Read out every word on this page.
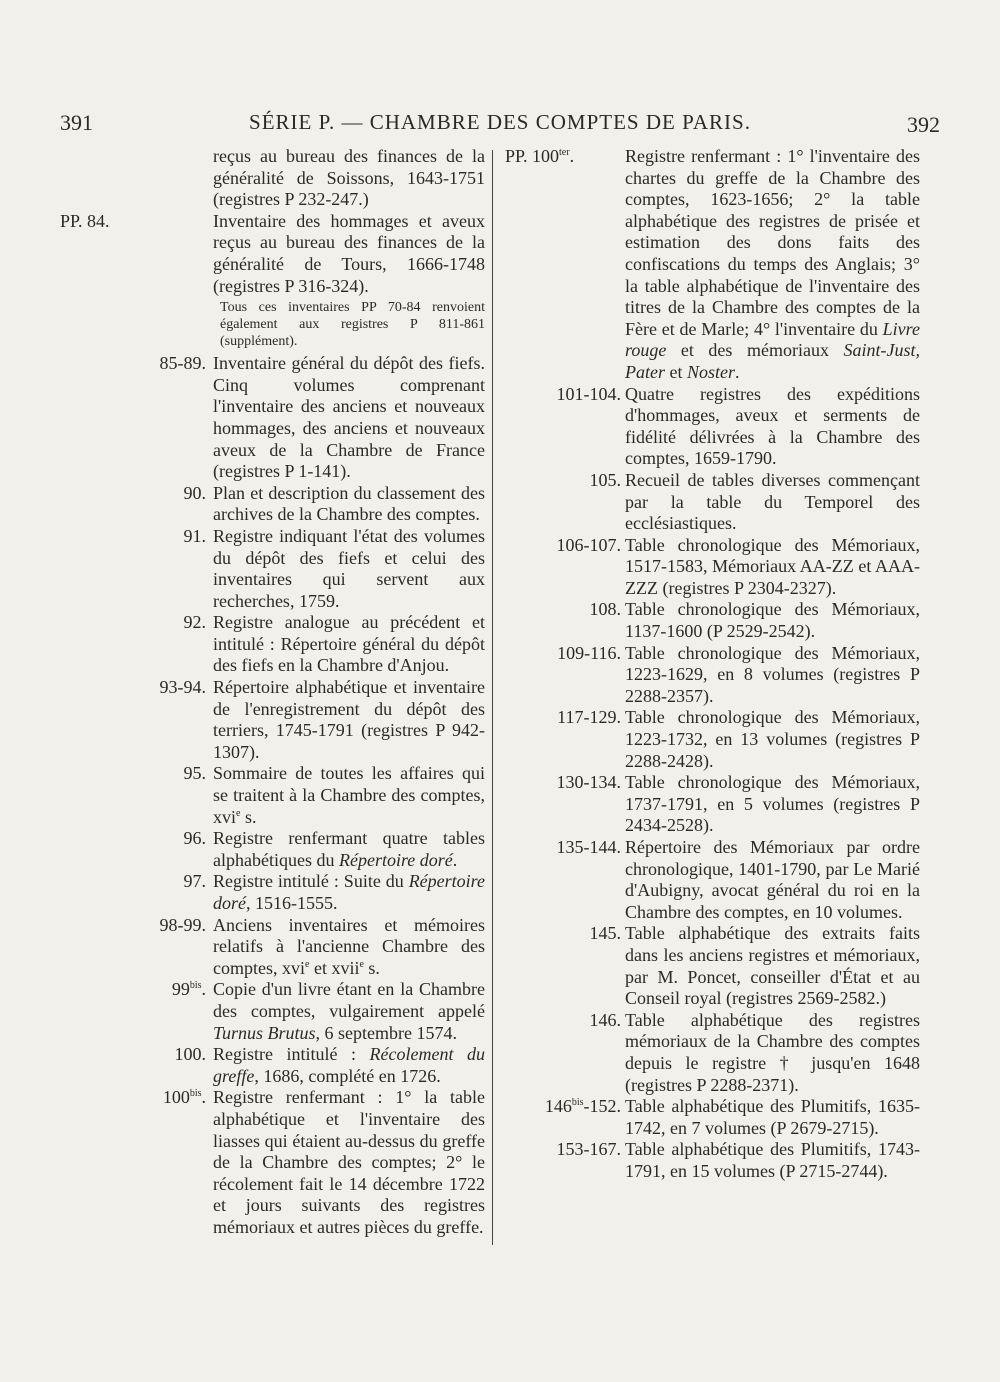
391	SÉRIE P. — CHAMBRE DES COMPTES DE PARIS.	392
reçus au bureau des finances de la généralité de Soissons, 1643-1751 (registres P 232-247.)
PP. 84.	Inventaire des hommages et aveux reçus au bureau des finances de la généralité de Tours, 1666-1748 (registres P 316-324).
Tous ces inventaires PP 70-84 renvoient également aux registres P 811-861 (supplément).
85-89. Inventaire général du dépôt des fiefs. Cinq volumes comprenant l'inventaire des anciens et nouveaux hommages, des anciens et nouveaux aveux de la Chambre de France (registres P 1-141).
90. Plan et description du classement des archives de la Chambre des comptes.
91. Registre indiquant l'état des volumes du dépôt des fiefs et celui des inventaires qui servent aux recherches, 1759.
92. Registre analogue au précédent et intitulé : Répertoire général du dépôt des fiefs en la Chambre d'Anjou.
93-94. Répertoire alphabétique et inventaire de l'enregistrement du dépôt des terriers, 1745-1791 (registres P 942-1307).
95. Sommaire de toutes les affaires qui se traitent à la Chambre des comptes, xvi$^e$ s.
96. Registre renfermant quatre tables alphabétiques du Répertoire doré.
97. Registre intitulé : Suite du Répertoire doré, 1516-1555.
98-99. Anciens inventaires et mémoires relatifs à l'ancienne Chambre des comptes, xvi$^e$ et xvii$^e$ s.
$99^{bis}$. Copie d'un livre étant en la Chambre des comptes, vulgairement appelé Turnus Brutus, 6 septembre 1574.
100. Registre intitulé : Récolement du greffe, 1686, complété en 1726.
$100^{bis}$. Registre renfermant : 1° la table alphabétique et l'inventaire des liasses qui étaient au-dessus du greffe de la Chambre des comptes; 2° le récolement fait le 14 décembre 1722 et jours suivants des registres mémoriaux et autres pièces du greffe.
PP. $100^{ter}$.	Registre renfermant : 1° l'inventaire des chartes du greffe de la Chambre des comptes, 1623-1656; 2° la table alphabétique des registres de prisée et estimation des dons faits des confiscations du temps des Anglais; 3° la table alphabétique de l'inventaire des titres de la Chambre des comptes de la Fère et de Marle; 4° l'inventaire du Livre rouge et des mémoriaux Saint-Just, Pater et Noster.
101-104. Quatre registres des expéditions d'hommages, aveux et serments de fidélité délivrées à la Chambre des comptes, 1659-1790.
105. Recueil de tables diverses commençant par la table du Temporel des ecclésiastiques.
106-107. Table chronologique des Mémoriaux, 1517-1583, Mémoriaux AA-ZZ et AAA-ZZZ (registres P 2304-2327).
108. Table chronologique des Mémoriaux, 1137-1600 (P 2529-2542).
109-116. Table chronologique des Mémoriaux, 1223-1629, en 8 volumes (registres P 2288-2357).
117-129. Table chronologique des Mémoriaux, 1223-1732, en 13 volumes (registres P 2288-2428).
130-134. Table chronologique des Mémoriaux, 1737-1791, en 5 volumes (registres P 2434-2528).
135-144. Répertoire des Mémoriaux par ordre chronologique, 1401-1790, par Le Marié d'Aubigny, avocat général du roi en la Chambre des comptes, en 10 volumes.
145. Table alphabétique des extraits faits dans les anciens registres et mémoriaux, par M. Poncet, conseiller d'État et au Conseil royal (registres 2569-2582.)
146. Table alphabétique des registres mémoriaux de la Chambre des comptes depuis le registre † jusqu'en 1648 (registres P 2288-2371).
$146^{bis}-152$. Table alphabétique des Plumitifs, 1635-1742, en 7 volumes (P 2679-2715).
153-167. Table alphabétique des Plumitifs, 1743-1791, en 15 volumes (P 2715-2744).
